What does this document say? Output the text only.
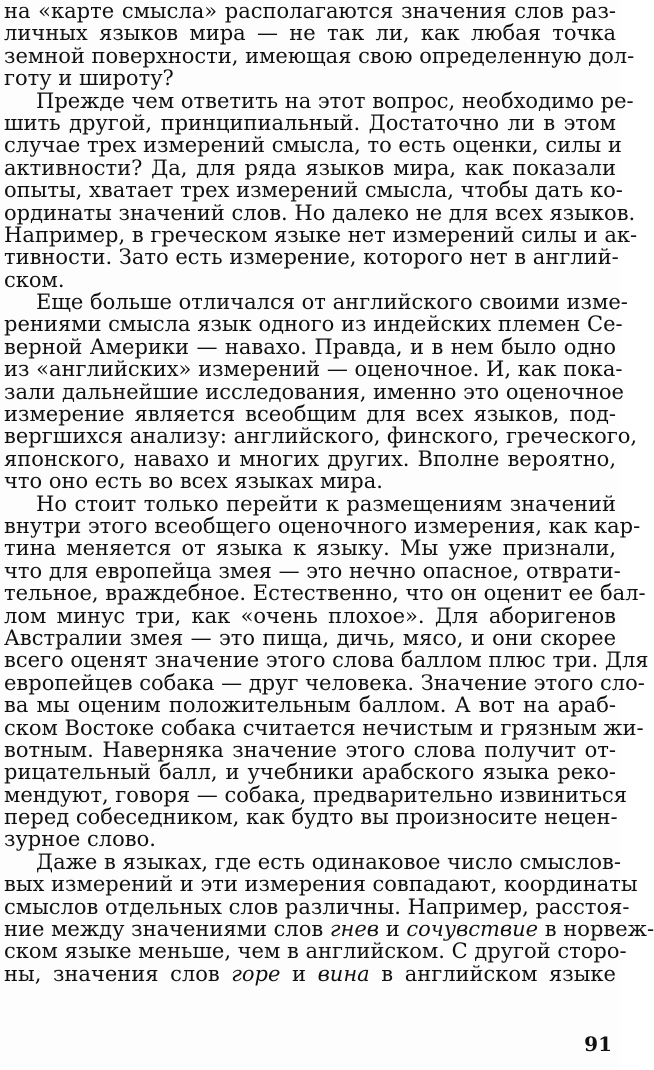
на «карте смысла» располагаются значения слов раз-
личных языков мира — не так ли, как любая точка
земной поверхности, имеющая свою определенную дол-
готу и широту?
Прежде чем ответить на этот вопрос, необходимо ре-
шить другой, принципиальный. Достаточно ли в этом
случае трех измерений смысла, то есть оценки, силы и
активности? Да, для ряда языков мира, как показали
опыты, хватает трех измерений смысла, чтобы дать ко-
ординаты значений слов. Но далеко не для всех языков.
Например, в греческом языке нет измерений силы и ак-
тивности. Зато есть измерение, которого нет в англий-
ском.
Еще больше отличался от английского своими изме-
рениями смысла язык одного из индейских племен Се-
верной Америки — навахо. Правда, и в нем было одно
из «английских» измерений — оценочное. И, как пока-
зали дальнейшие исследования, именно это оценочное
измерение является всеобщим для всех языков, под-
вергшихся анализу: английского, финского, греческого,
японского, навахо и многих других. Вполне вероятно,
что оно есть во всех языках мира.
Но стоит только перейти к размещениям значений
внутри этого всеобщего оценочного измерения, как кар-
тина меняется от языка к языку. Мы уже признали,
что для европейца змея — это нечно опасное, отврати-
тельное, враждебное. Естественно, что он оценит ее бал-
лом минус три, как «очень плохое». Для аборигенов
Австралии змея — это пища, дичь, мясо, и они скорее
всего оценят значение этого слова баллом плюс три. Для
европейцев собака — друг человека. Значение этого сло-
ва мы оценим положительным баллом. А вот на араб-
ском Востоке собака считается нечистым и грязным жи-
вотным. Наверняка значение этого слова получит от-
рицательный балл, и учебники арабского языка реко-
мендуют, говоря — собака, предварительно извиниться
перед собеседником, как будто вы произносите нецен-
зурное слово.
Даже в языках, где есть одинаковое число смыслов-
вых измерений и эти измерения совпадают, координаты
смыслов отдельных слов различны. Например, расстоя-
ние между значениями слов гнев и сочувствие в норвеж-
ском языке меньше, чем в английском. С другой сторо-
ны, значения слов горе и вина в английском языке
91
